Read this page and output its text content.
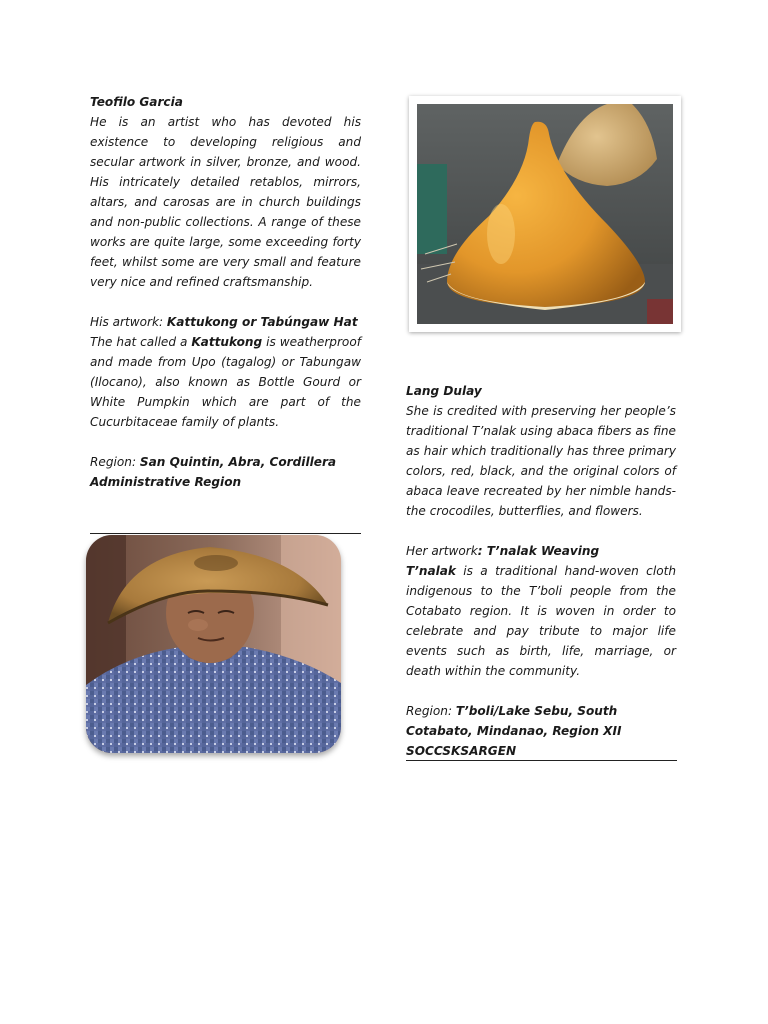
Teofilo Garcia

He is an artist who has devoted his existence to developing religious and secular artwork in silver, bronze, and wood. His intricately detailed retablos, mirrors, altars, and carosas are in church buildings and non-public collections. A range of these works are quite large, some exceeding forty feet, whilst some are very small and feature very nice and refined craftsmanship.

His artwork: Kattukong or Tabúngaw Hat

The hat called a Kattukong is weatherproof and made from Upo (tagalog) or Tabungaw (Ilocano), also known as Bottle Gourd or White Pumpkin which are part of the Cucurbitaceae family of plants.

Region: San Quintin, Abra, Cordillera Administrative Region

Lang Dulay

She is credited with preserving her people’s traditional T’nalak using abaca fibers as fine as hair which traditionally has three primary colors, red, black, and the original colors of abaca leave recreated by her nimble hands-the crocodiles, butterflies, and flowers.

Her artwork: T’nalak Weaving

T’nalak is a traditional hand-woven cloth indigenous to the T’boli people from the Cotabato region. It is woven in order to celebrate and pay tribute to major life events such as birth, life, marriage, or death within the community.

Region: T’boli/Lake Sebu, South Cotabato, Mindanao, Region XII SOCCSKSARGEN
